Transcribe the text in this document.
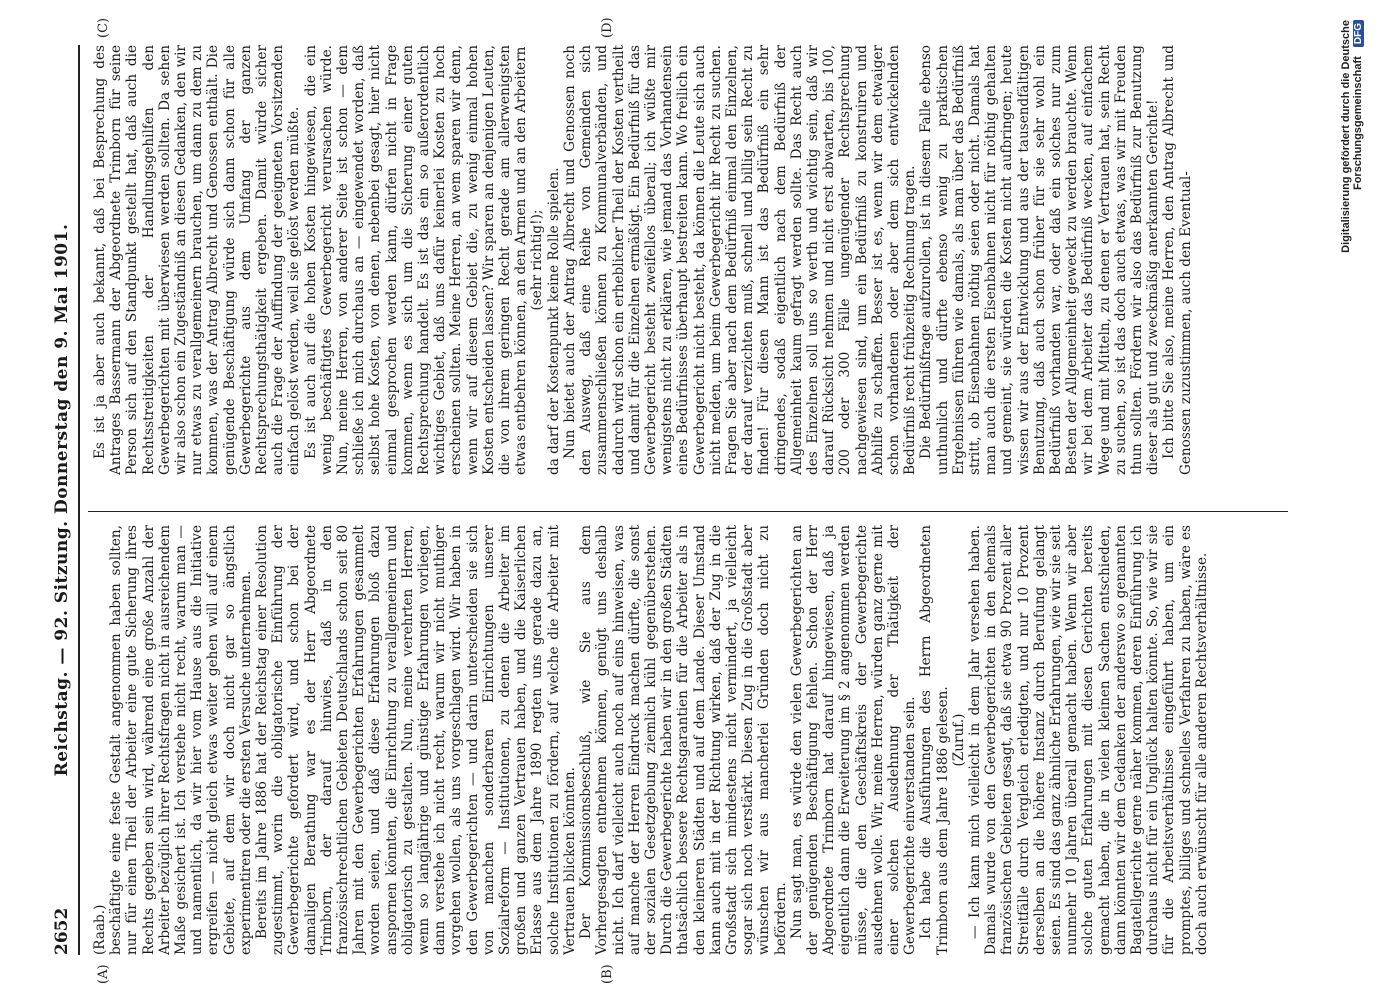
2652
Reichstag. — 92. Sitzung. Donnerstag den 9. Mai 1901.
(A)	(B)
(C)	(D)

(Raab.) beschäftigte eine feste Gestalt angenommen haben sollten, nur für einen Theil der Arbeiter eine gute Sicherung ihres Rechts gegeben sein wird, während eine große Anzahl der Arbeiter bezüglich ihrer Rechtsfragen nicht in ausreichendem Maße gesichert ist. Ich verstehe nicht recht, warum man — und namentlich, da wir hier vom Hause aus die Initiative ergreifen — nicht gleich etwas weiter gehen will auf einem Gebiete, auf dem wir doch nicht gar so ängstlich experimentiren oder die ersten Versuche unternehmen. Bereits im Jahre 1886 hat der Reichstag einer Resolution zugestimmt, worin die obligatorische Einführung der Gewerbegerichte gefordert wird, und schon bei der damaligen Berathung war es der Herr Abgeordnete Trimborn, der darauf hinwies, daß in den französischrechtlichen Gebieten Deutschlands schon seit 80 Jahren mit den Gewerbegerichten Erfahrungen gesammelt worden seien, und daß diese Erfahrungen bloß dazu anspornen könnten, die Einrichtung zu verallgemeinern und obligatorisch zu gestalten. Nun, meine verehrten Herren, wenn so langjährige und günstige Erfahrungen vorliegen, dann verstehe ich nicht recht, warum wir nicht muthiger vorgehen wollen, als uns vorgeschlagen wird. Wir haben in den Gewerbegerichten — und darin unterscheiden sie sich von manchen sonderbaren Einrichtungen unserer Sozialreform — Institutionen, zu denen die Arbeiter im großen und ganzen Vertrauen haben, und die Kaiserlichen Erlasse aus dem Jahre 1890 regten uns gerade dazu an, solche Institutionen zu fördern, auf welche die Arbeiter mit Vertrauen blicken könnten. Der Kommissionsbeschluß, wie Sie aus dem Vorhergesagten entnehmen können, genügt uns deshalb nicht. Ich darf vielleicht auch noch auf eins hinweisen, was auf manche der Herren Eindruck machen dürfte, die sonst der sozialen Gesetzgebung ziemlich kühl gegenüberstehen. Durch die Gewerbegerichte haben wir in den großen Städten thatsächlich bessere Rechtsgarantien für die Arbeiter als in den kleineren Städten und auf dem Lande. Dieser Umstand kann auch mit in der Richtung wirken, daß der Zug in die Großstadt sich mindestens nicht vermindert, ja vielleicht sogar sich noch verstärkt. Diesen Zug in die Großstadt aber wünschen wir aus mancherlei Gründen doch nicht zu befördern. Nun sagt man, es würde den vielen Gewerbegerichten an der genügenden Beschäftigung fehlen. Schon der Herr Abgeordnete Trimborn hat darauf hingewiesen, daß ja eigentlich dann die Erweiterung im § 2 angenommen werden müsse, die den Geschäftskreis der Gewerbegerichte ausdehnen wolle. Wir, meine Herren, würden ganz gerne mit einer solchen Ausdehnung der Thätigkeit der Gewerbegerichte einverstanden sein. Ich habe die Ausführungen des Herrn Abgeordneten Trimborn aus dem Jahre 1886 gelesen. (Zuruf.) — Ich kann mich vielleicht in dem Jahr versehen haben. Damals wurde von den Gewerbegerichten in den ehemals französischen Gebieten gesagt, daß sie etwa 90 Prozent aller Streitfälle durch Vergleich erledigten, und nur 10 Prozent derselben an die höhere Instanz durch Berufung gelangt seien. Es sind das ganz ähnliche Erfahrungen, wie wir sie seit nunmehr 10 Jahren überall gemacht haben. Wenn wir aber solche guten Erfahrungen mit diesen Gerichten bereits gemacht haben, die in vielen kleinen Sachen entschieden, dann könnten wir dem Gedanken der anderswo so genannten Bagatellgerichte gerne näher kommen, deren Einführung ich durchaus nicht für ein Unglück halten könnte. So, wie wir sie für die Arbeitsverhältnisse eingeführt haben, um ein promptes, billiges und schnelles Verfahren zu haben, wäre es doch auch erwünscht für alle anderen Rechtsverhältnisse.

Es ist ja aber auch bekannt, daß bei Besprechung des Antrages Bassermann der Abgeordnete Trimborn für seine Person sich auf den Standpunkt gestellt hat, daß auch die Rechtsstreitigkeiten der Handlungsgehilfen den Gewerbegerichten mit überwiesen werden sollten. Da sehen wir also schon ein Zugeständniß an diesen Gedanken, den wir nur etwas zu verallgemeinern brauchen, um dann zu dem zu kommen, was der Antrag Albrecht und Genossen enthält. Die genügende Beschäftigung würde sich dann schon für alle Gewerbegerichte aus dem Umfang der ganzen Rechtsprechungsthätigkeit ergeben. Damit würde sicher auch die Frage der Auffindung der geeigneten Vorsitzenden einfach gelöst werden, weil sie gelöst werden müßte. Es ist auch auf die hohen Kosten hingewiesen, die ein wenig beschäftigtes Gewerbegericht verursachen würde. Nun, meine Herren, von anderer Seite ist schon — dem schließe ich mich durchaus an — eingewendet worden, daß selbst hohe Kosten, von denen, nebenbei gesagt, hier nicht einmal gesprochen werden kann, dürfen nicht in Frage kommen, wenn es sich um die Sicherung einer guten Rechtsprechung handelt. Es ist das ein so außerordentlich wichtiges Gebiet, daß uns dafür keinerlei Kosten zu hoch erscheinen sollten. Meine Herren, an wem sparen wir denn, wenn wir auf diesem Gebiet die, zu wenig einmal hohen Kosten entscheiden lassen? Wir sparen an denjenigen Leuten, die von ihrem geringen Recht gerade am allerwenigsten etwas entbehren können, an den Armen und an den Arbeitern (sehr richtig!); da darf der Kostenpunkt keine Rolle spielen. Nun bietet auch der Antrag Albrecht und Genossen noch den Ausweg, daß eine Reihe von Gemeinden sich zusammenschließen können zu Kommunalverbänden, und dadurch wird schon ein erheblicher Theil der Kosten vertheilt und damit für die Einzelnen ermäßigt. Ein Bedürfniß für das Gewerbegericht besteht zweifellos überall; ich wüßte mir wenigstens nicht zu erklären, wie jemand das Vorhandensein eines Bedürfnisses überhaupt bestreiten kann. Wo freilich ein Gewerbegericht nicht besteht, da können die Leute sich auch nicht melden, um beim Gewerbegericht ihr Recht zu suchen. Fragen Sie aber nach dem Bedürfniß einmal den Einzelnen, der darauf verzichten muß, schnell und billig sein Recht zu finden! Für diesen Mann ist das Bedürfniß ein sehr dringendes, sodaß eigentlich nach dem Bedürfniß der Allgemeinheit kaum gefragt werden sollte. Das Recht auch des Einzelnen soll uns so werth und wichtig sein, daß wir darauf Rücksicht nehmen und nicht erst abwarten, bis 100, 200 oder 300 Fälle ungenügender Rechtsprechung nachgewiesen sind, um ein Bedürfniß zu konstruiren und Abhilfe zu schaffen. Besser ist es, wenn wir dem etwaiger schon vorhandenen oder aber dem sich entwickelnden Bedürfniß recht frühzeitig Rechnung tragen. Die Bedürfnißfrage aufzurollen, ist in diesem Falle ebenso unthunlich und dürfte ebenso wenig zu praktischen Ergebnissen führen wie damals, als man über das Bedürfniß stritt, ob Eisenbahnen nöthig seien oder nicht. Damals hat man auch die ersten Eisenbahnen nicht für nöthig gehalten und gemeint, sie würden die Kosten nicht aufbringen; heute wissen wir aus der Entwicklung und aus der tausendfältigen Benutzung, daß auch schon früher für sie sehr wohl ein Bedürfniß vorhanden war, oder daß ein solches nur zum Besten der Allgemeinheit geweckt zu werden brauchte. Wenn wir bei dem Arbeiter das Bedürfniß wecken, auf einfachem Wege und mit Mitteln, zu denen er Vertrauen hat, sein Recht zu suchen, so ist das doch auch etwas, was wir mit Freuden thun sollten. Fördern wir also das Bedürfniß zur Benutzung dieser als gut und zweckmäßig anerkannten Gerichte! Ich bitte Sie also, meine Herren, den Antrag Albrecht und Genossen zuzustimmen, auch den Eventual-

Digitalisierung gefördert durch die Deutsche Forschungsgemeinschaft DFG
